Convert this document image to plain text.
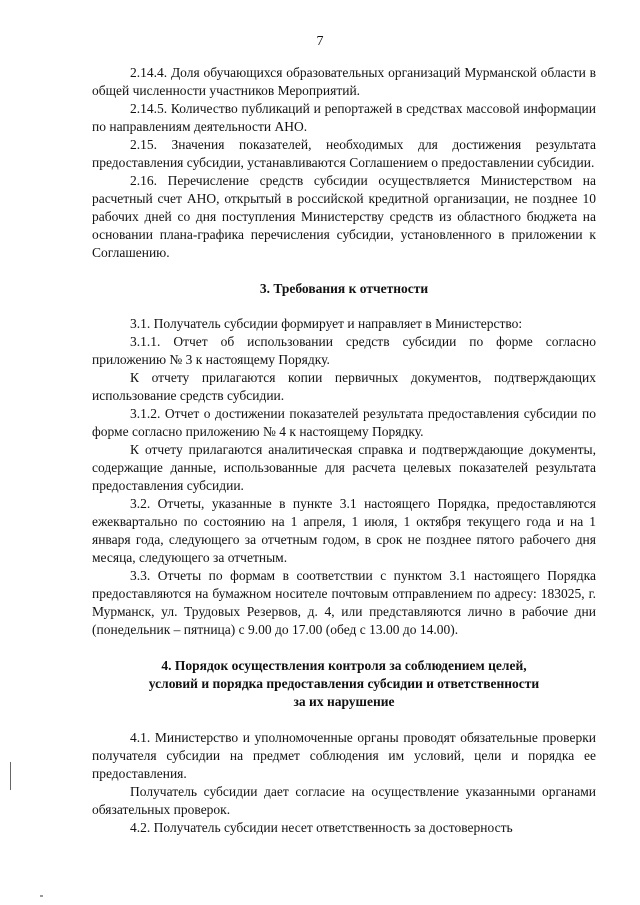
7

2.14.4. Доля обучающихся образовательных организаций Мурманской области в общей численности участников Мероприятий.

2.14.5. Количество публикаций и репортажей в средствах массовой информации по направлениям деятельности АНО.

2.15. Значения показателей, необходимых для достижения результата предоставления субсидии, устанавливаются Соглашением о предоставлении субсидии.

2.16. Перечисление средств субсидии осуществляется Министерством на расчетный счет АНО, открытый в российской кредитной организации, не позднее 10 рабочих дней со дня поступления Министерству средств из областного бюджета на основании плана-графика перечисления субсидии, установленного в приложении к Соглашению.

3. Требования к отчетности

3.1. Получатель субсидии формирует и направляет в Министерство:

3.1.1. Отчет об использовании средств субсидии по форме согласно приложению № 3 к настоящему Порядку.

К отчету прилагаются копии первичных документов, подтверждающих использование средств субсидии.

3.1.2. Отчет о достижении показателей результата предоставления субсидии по форме согласно приложению № 4 к настоящему Порядку.

К отчету прилагаются аналитическая справка и подтверждающие документы, содержащие данные, использованные для расчета целевых показателей результата предоставления субсидии.

3.2. Отчеты, указанные в пункте 3.1 настоящего Порядка, предоставляются ежеквартально по состоянию на 1 апреля, 1 июля, 1 октября текущего года и на 1 января года, следующего за отчетным годом, в срок не позднее пятого рабочего дня месяца, следующего за отчетным.

3.3. Отчеты по формам в соответствии с пунктом 3.1 настоящего Порядка предоставляются на бумажном носителе почтовым отправлением по адресу: 183025, г. Мурманск, ул. Трудовых Резервов, д. 4, или представляются лично в рабочие дни (понедельник – пятница) с 9.00 до 17.00 (обед с 13.00 до 14.00).

4. Порядок осуществления контроля за соблюдением целей,

условий и порядка предоставления субсидии и ответственности

за их нарушение

4.1. Министерство и уполномоченные органы проводят обязательные проверки получателя субсидии на предмет соблюдения им условий, цели и порядка ее предоставления.

Получатель субсидии дает согласие на осуществление указанными органами обязательных проверок.

4.2. Получатель субсидии несет ответственность за достоверность
